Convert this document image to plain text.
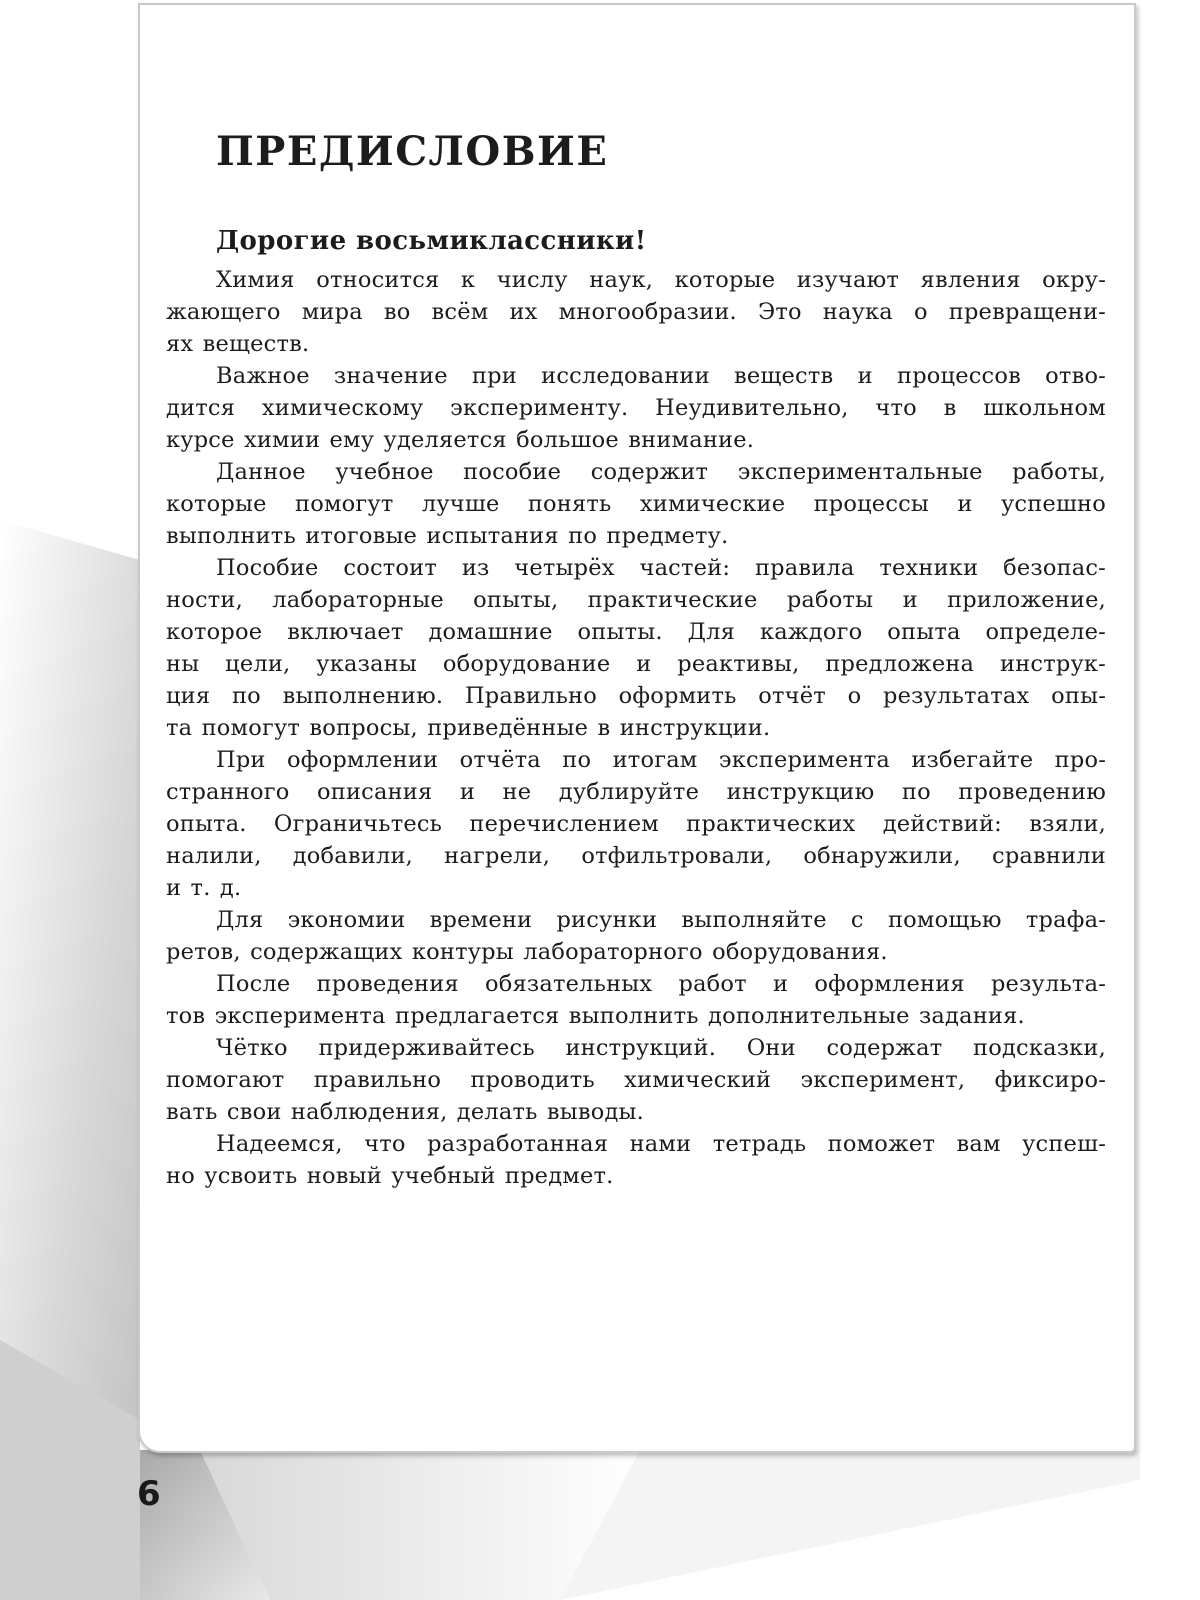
ПРЕДИСЛОВИЕ
Дорогие восьмиклассники!

Химия относится к числу наук, которые изучают явления окру-
жающего мира во всём их многообразии. Это наука о превращени-
ях веществ.

Важное значение при исследовании веществ и процессов отво-
дится химическому эксперименту. Неудивительно, что в школьном
курсе химии ему уделяется большое внимание.

Данное учебное пособие содержит экспериментальные работы,
которые помогут лучше понять химические процессы и успешно
выполнить итоговые испытания по предмету.

Пособие состоит из четырёх частей: правила техники безопас-
ности, лабораторные опыты, практические работы и приложение,
которое включает домашние опыты. Для каждого опыта определе-
ны цели, указаны оборудование и реактивы, предложена инструк-
ция по выполнению. Правильно оформить отчёт о результатах опы-
та помогут вопросы, приведённые в инструкции.

При оформлении отчёта по итогам эксперимента избегайте про-
странного описания и не дублируйте инструкцию по проведению
опыта. Ограничьтесь перечислением практических действий: взяли,
налили, добавили, нагрели, отфильтровали, обнаружили, сравнили
и т. д.

Для экономии времени рисунки выполняйте с помощью трафа-
ретов, содержащих контуры лабораторного оборудования.

После проведения обязательных работ и оформления результа-
тов эксперимента предлагается выполнить дополнительные задания.

Чётко придерживайтесь инструкций. Они содержат подсказки,
помогают правильно проводить химический эксперимент, фиксиро-
вать свои наблюдения, делать выводы.

Надеемся, что разработанная нами тетрадь поможет вам успеш-
но усвоить новый учебный предмет.

6
